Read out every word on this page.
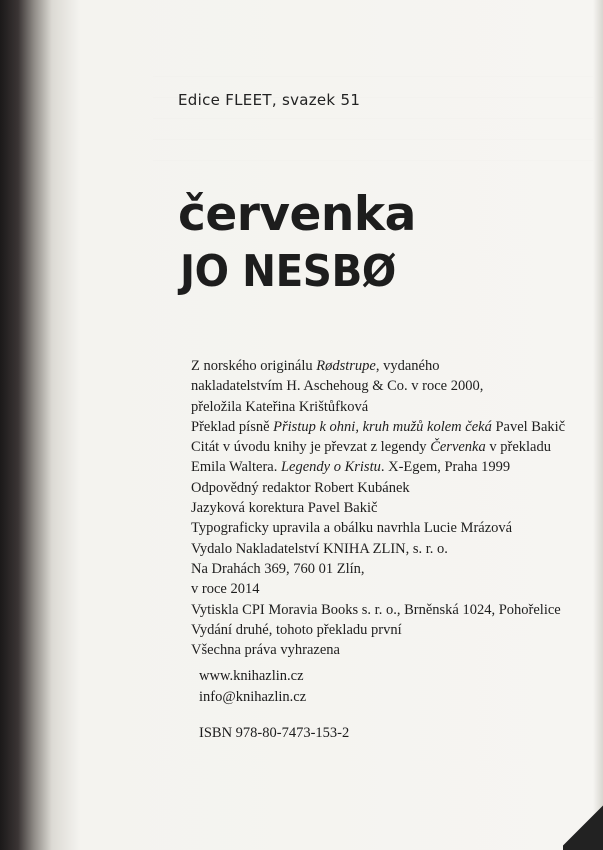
Edice FLEET, svazek 51
červenka
JO NESBØ

Z norského originálu Rødstrupe, vydaného

nakladatelstvím H. Aschehoug & Co. v roce 2000,

přeložila Kateřina Krištůfková

Překlad písně Přistup k ohni, kruh mužů kolem čeká Pavel Bakič

Citát v úvodu knihy je převzat z legendy Červenka v překladu

Emila Waltera. Legendy o Kristu. X-Egem, Praha 1999

Odpovědný redaktor Robert Kubánek

Jazyková korektura Pavel Bakič

Typograficky upravila a obálku navrhla Lucie Mrázová

Vydalo Nakladatelství KNIHA ZLIN, s. r. o.

Na Drahách 369, 760 01 Zlín,

v roce 2014

Vytiskla CPI Moravia Books s. r. o., Brněnská 1024, Pohořelice

Vydání druhé, tohoto překladu první

Všechna práva vyhrazena

www.knihazlin.cz

info@knihazlin.cz

ISBN 978-80-7473-153-2
